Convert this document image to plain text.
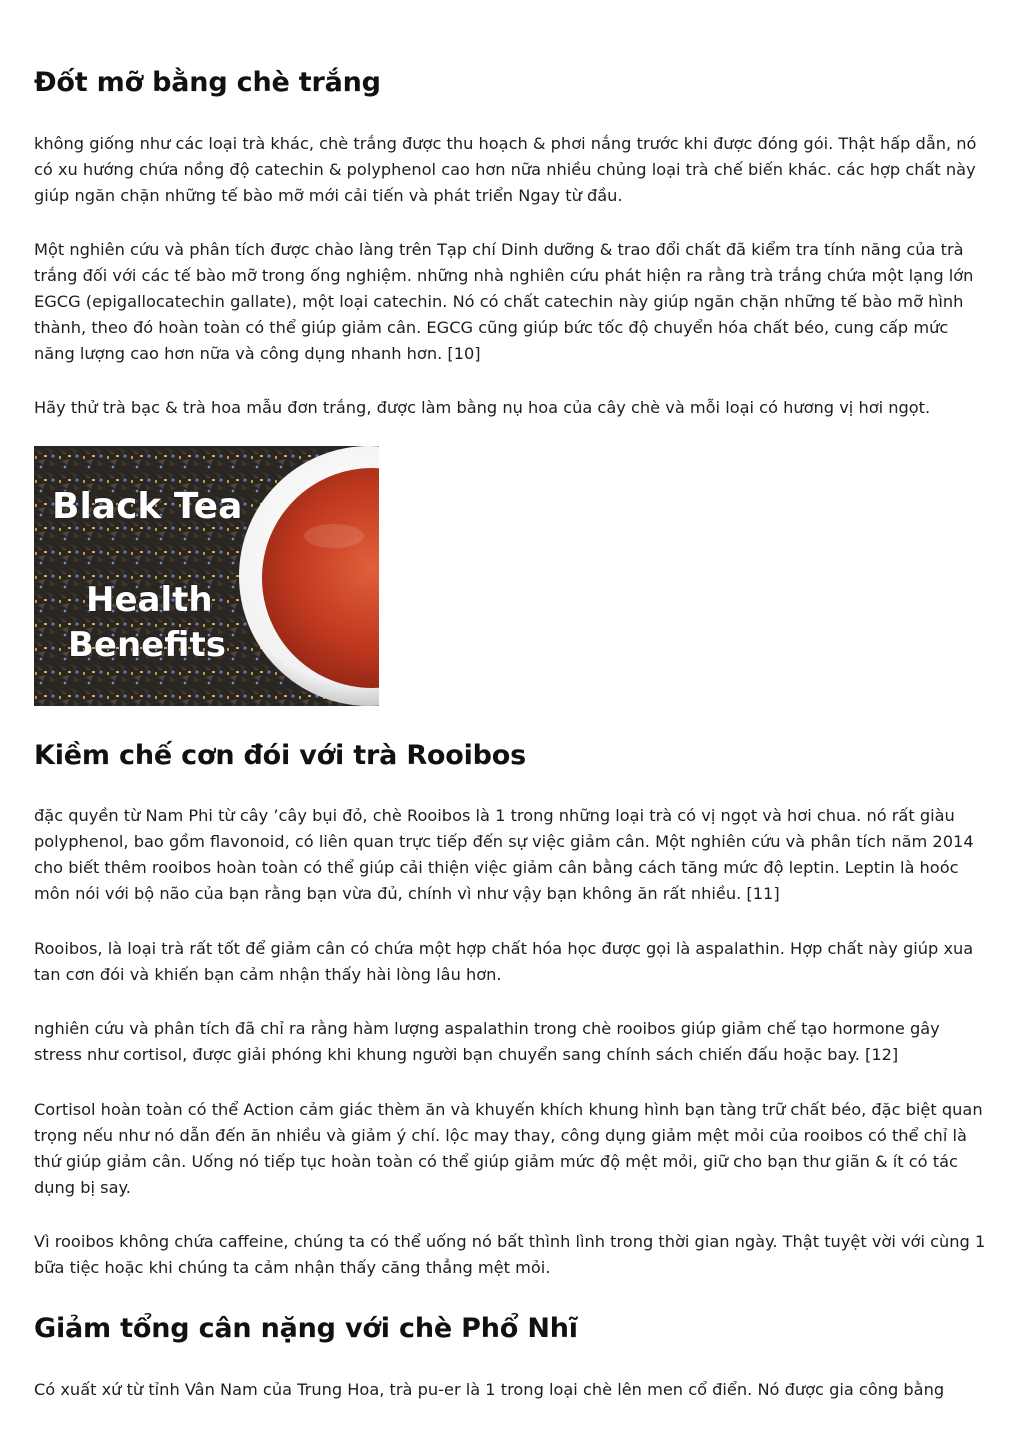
Đốt mỡ bằng chè trắng

không giống như các loại trà khác, chè trắng được thu hoạch & phơi nắng trước khi được đóng gói. Thật hấp dẫn, nó có xu hướng chứa nồng độ catechin & polyphenol cao hơn nữa nhiều chủng loại trà chế biến khác. các hợp chất này giúp ngăn chặn những tế bào mỡ mới cải tiến và phát triển Ngay từ đầu.

Một nghiên cứu và phân tích được chào làng trên Tạp chí Dinh dưỡng & trao đổi chất đã kiểm tra tính năng của trà trắng đối với các tế bào mỡ trong ống nghiệm. những nhà nghiên cứu phát hiện ra rằng trà trắng chứa một lạng lớn EGCG (epigallocatechin gallate), một loại catechin. Nó có chất catechin này giúp ngăn chặn những tế bào mỡ hình thành, theo đó hoàn toàn có thể giúp giảm cân. EGCG cũng giúp bức tốc độ chuyển hóa chất béo, cung cấp mức năng lượng cao hơn nữa và công dụng nhanh hơn. [10]

Hãy thử trà bạc & trà hoa mẫu đơn trắng, được làm bằng nụ hoa của cây chè và mỗi loại có hương vị hơi ngọt.

Black Tea
Health
Benefits
Kiềm chế cơn đói với trà Rooibos

đặc quyền từ Nam Phi từ cây ’cây bụi đỏ, chè Rooibos là 1 trong những loại trà có vị ngọt và hơi chua. nó rất giàu polyphenol, bao gồm flavonoid, có liên quan trực tiếp đến sự việc giảm cân. Một nghiên cứu và phân tích năm 2014 cho biết thêm rooibos hoàn toàn có thể giúp cải thiện việc giảm cân bằng cách tăng mức độ leptin. Leptin là hoóc môn nói với bộ não của bạn rằng bạn vừa đủ, chính vì như vậy bạn không ăn rất nhiều. [11]

Rooibos, là loại trà rất tốt để giảm cân có chứa một hợp chất hóa học được gọi là aspalathin. Hợp chất này giúp xua tan cơn đói và khiến bạn cảm nhận thấy hài lòng lâu hơn.

nghiên cứu và phân tích đã chỉ ra rằng hàm lượng aspalathin trong chè rooibos giúp giảm chế tạo hormone gây stress như cortisol, được giải phóng khi khung người bạn chuyển sang chính sách chiến đấu hoặc bay. [12]

Cortisol hoàn toàn có thể Action cảm giác thèm ăn và khuyến khích khung hình bạn tàng trữ chất béo, đặc biệt quan trọng nếu như nó dẫn đến ăn nhiều và giảm ý chí. lộc may thay, công dụng giảm mệt mỏi của rooibos có thể chỉ là thứ giúp giảm cân. Uống nó tiếp tục hoàn toàn có thể giúp giảm mức độ mệt mỏi, giữ cho bạn thư giãn & ít có tác dụng bị say.

Vì rooibos không chứa caffeine, chúng ta có thể uống nó bất thình lình trong thời gian ngày. Thật tuyệt vời với cùng 1 bữa tiệc hoặc khi chúng ta cảm nhận thấy căng thẳng mệt mỏi.

Giảm tổng cân nặng với chè Phổ Nhĩ

Có xuất xứ từ tỉnh Vân Nam của Trung Hoa, trà pu-er là 1 trong loại chè lên men cổ điển. Nó được gia công bằng
